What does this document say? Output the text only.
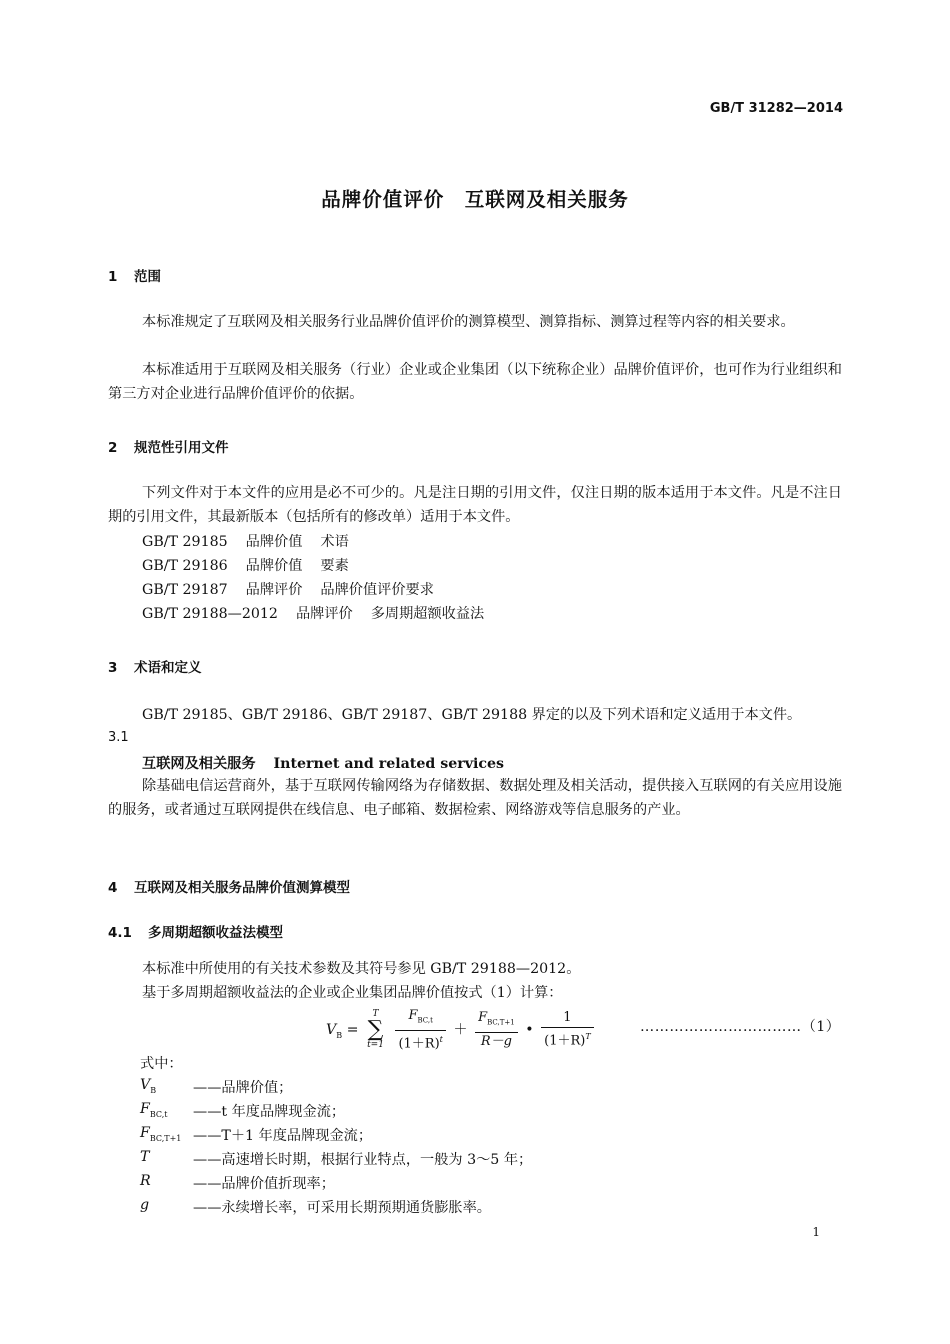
GB/T 31282—2014
品牌价值评价　互联网及相关服务
1 范围
本标准规定了互联网及相关服务行业品牌价值评价的测算模型、测算指标、测算过程等内容的相关要求。
本标准适用于互联网及相关服务（行业）企业或企业集团（以下统称企业）品牌价值评价，也可作为行业组织和第三方对企业进行品牌价值评价的依据。
2 规范性引用文件
下列文件对于本文件的应用是必不可少的。凡是注日期的引用文件，仅注日期的版本适用于本文件。凡是不注日期的引用文件，其最新版本（包括所有的修改单）适用于本文件。
GB/T 29185 品牌价值 术语
GB/T 29186 品牌价值 要素
GB/T 29187 品牌评价 品牌价值评价要求
GB/T 29188—2012 品牌评价 多周期超额收益法
3 术语和定义
GB/T 29185、GB/T 29186、GB/T 29187、GB/T 29188 界定的以及下列术语和定义适用于本文件。
3.1
互联网及相关服务 Internet and related services
除基础电信运营商外，基于互联网传输网络为存储数据、数据处理及相关活动，提供接入互联网的有关应用设施的服务，或者通过互联网提供在线信息、电子邮箱、数据检索、网络游戏等信息服务的产业。
4 互联网及相关服务品牌价值测算模型
4.1 多周期超额收益法模型
本标准中所使用的有关技术参数及其符号参见 GB/T 29188—2012。
基于多周期超额收益法的企业或企业集团品牌价值按式（1）计算：
$V_B = T$
∑
$t=1 \frac{F_{BC,t}}{(1+R)^t} + \frac{F_{BC,T+1}}{R-g}$ • $\frac{1}{(1+R)^T}$	……………………………（1）
式中：
$V_B$	——品牌价值；
$F_{BC,t}$ ——t 年度品牌现金流；
$F_{BC,T+1}$ ——T＋1 年度品牌现金流；
T	——高速增长时期，根据行业特点，一般为 3～5 年；
R	——品牌价值折现率；
g	——永续增长率，可采用长期预期通货膨胀率。
1
